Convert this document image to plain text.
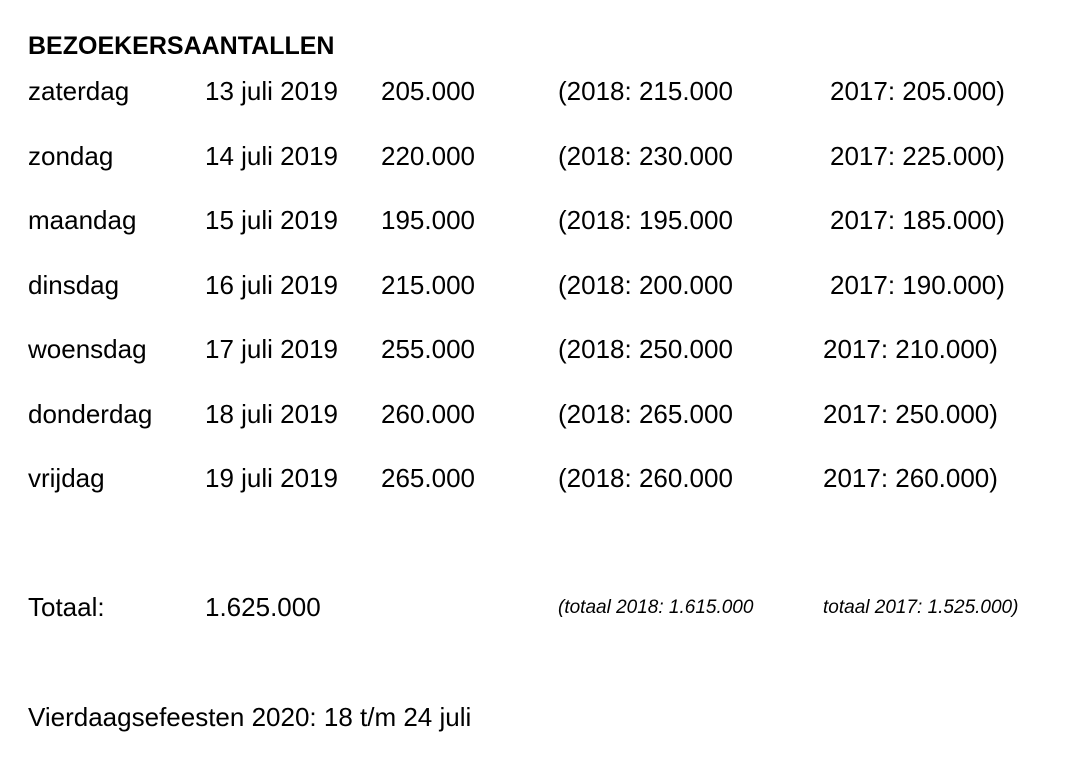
BEZOEKERSAANTALLEN
zaterdag	13 juli 2019 205.000	(2018: 215.000	2017: 205.000)
zondag	14 juli 2019 220.000	(2018: 230.000	2017: 225.000)
maandag	15 juli 2019 195.000	(2018: 195.000	2017: 185.000)
dinsdag	16 juli 2019 215.000	(2018: 200.000	2017: 190.000)
woensdag 17 juli 2019 255.000	(2018: 250.000	2017: 210.000)
donderdag 18 juli 2019 260.000	(2018: 265.000	2017: 250.000)
vrijdag	19 juli 2019 265.000	(2018: 260.000	2017: 260.000)
Totaal:	1.625.000	(totaal 2018: 1.615.000	totaal 2017: 1.525.000)
Vierdaagsefeesten 2020: 18 t/m 24 juli
